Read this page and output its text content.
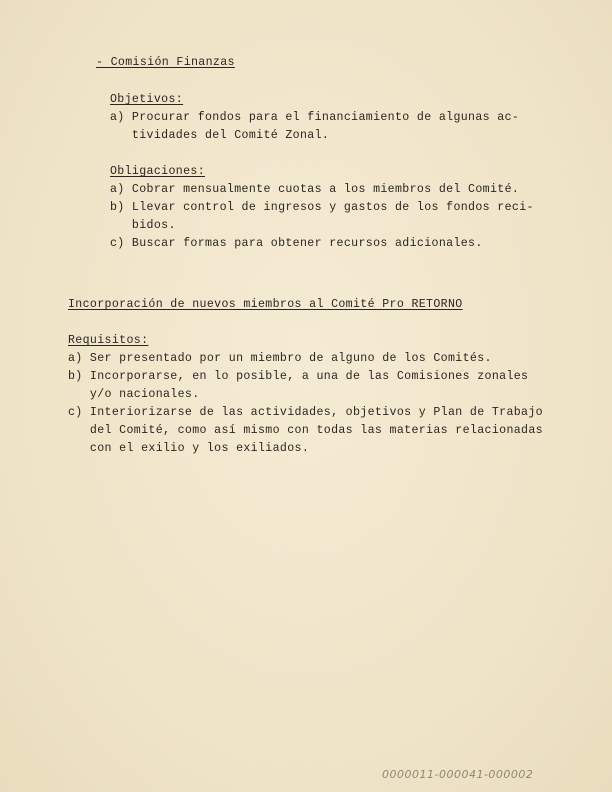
- Comisión Finanzas
Objetivos:
a) Procurar fondos para el financiamiento de algunas ac-
tividades del Comité Zonal.
Obligaciones:
a) Cobrar mensualmente cuotas a los miembros del Comité.
b) Llevar control de ingresos y gastos de los fondos reci-
bidos.
c) Buscar formas para obtener recursos adicionales.
Incorporación de nuevos miembros al Comité Pro RETORNO
Requisitos:
a) Ser presentado por un miembro de alguno de los Comités.
b) Incorporarse, en lo posible, a una de las Comisiones zonales
y/o nacionales.
c) Interiorizarse de las actividades, objetivos y Plan de Trabajo
del Comité, como así mismo con todas las materias relacionadas
con el exilio y los exiliados.
0000011-000041-000002
